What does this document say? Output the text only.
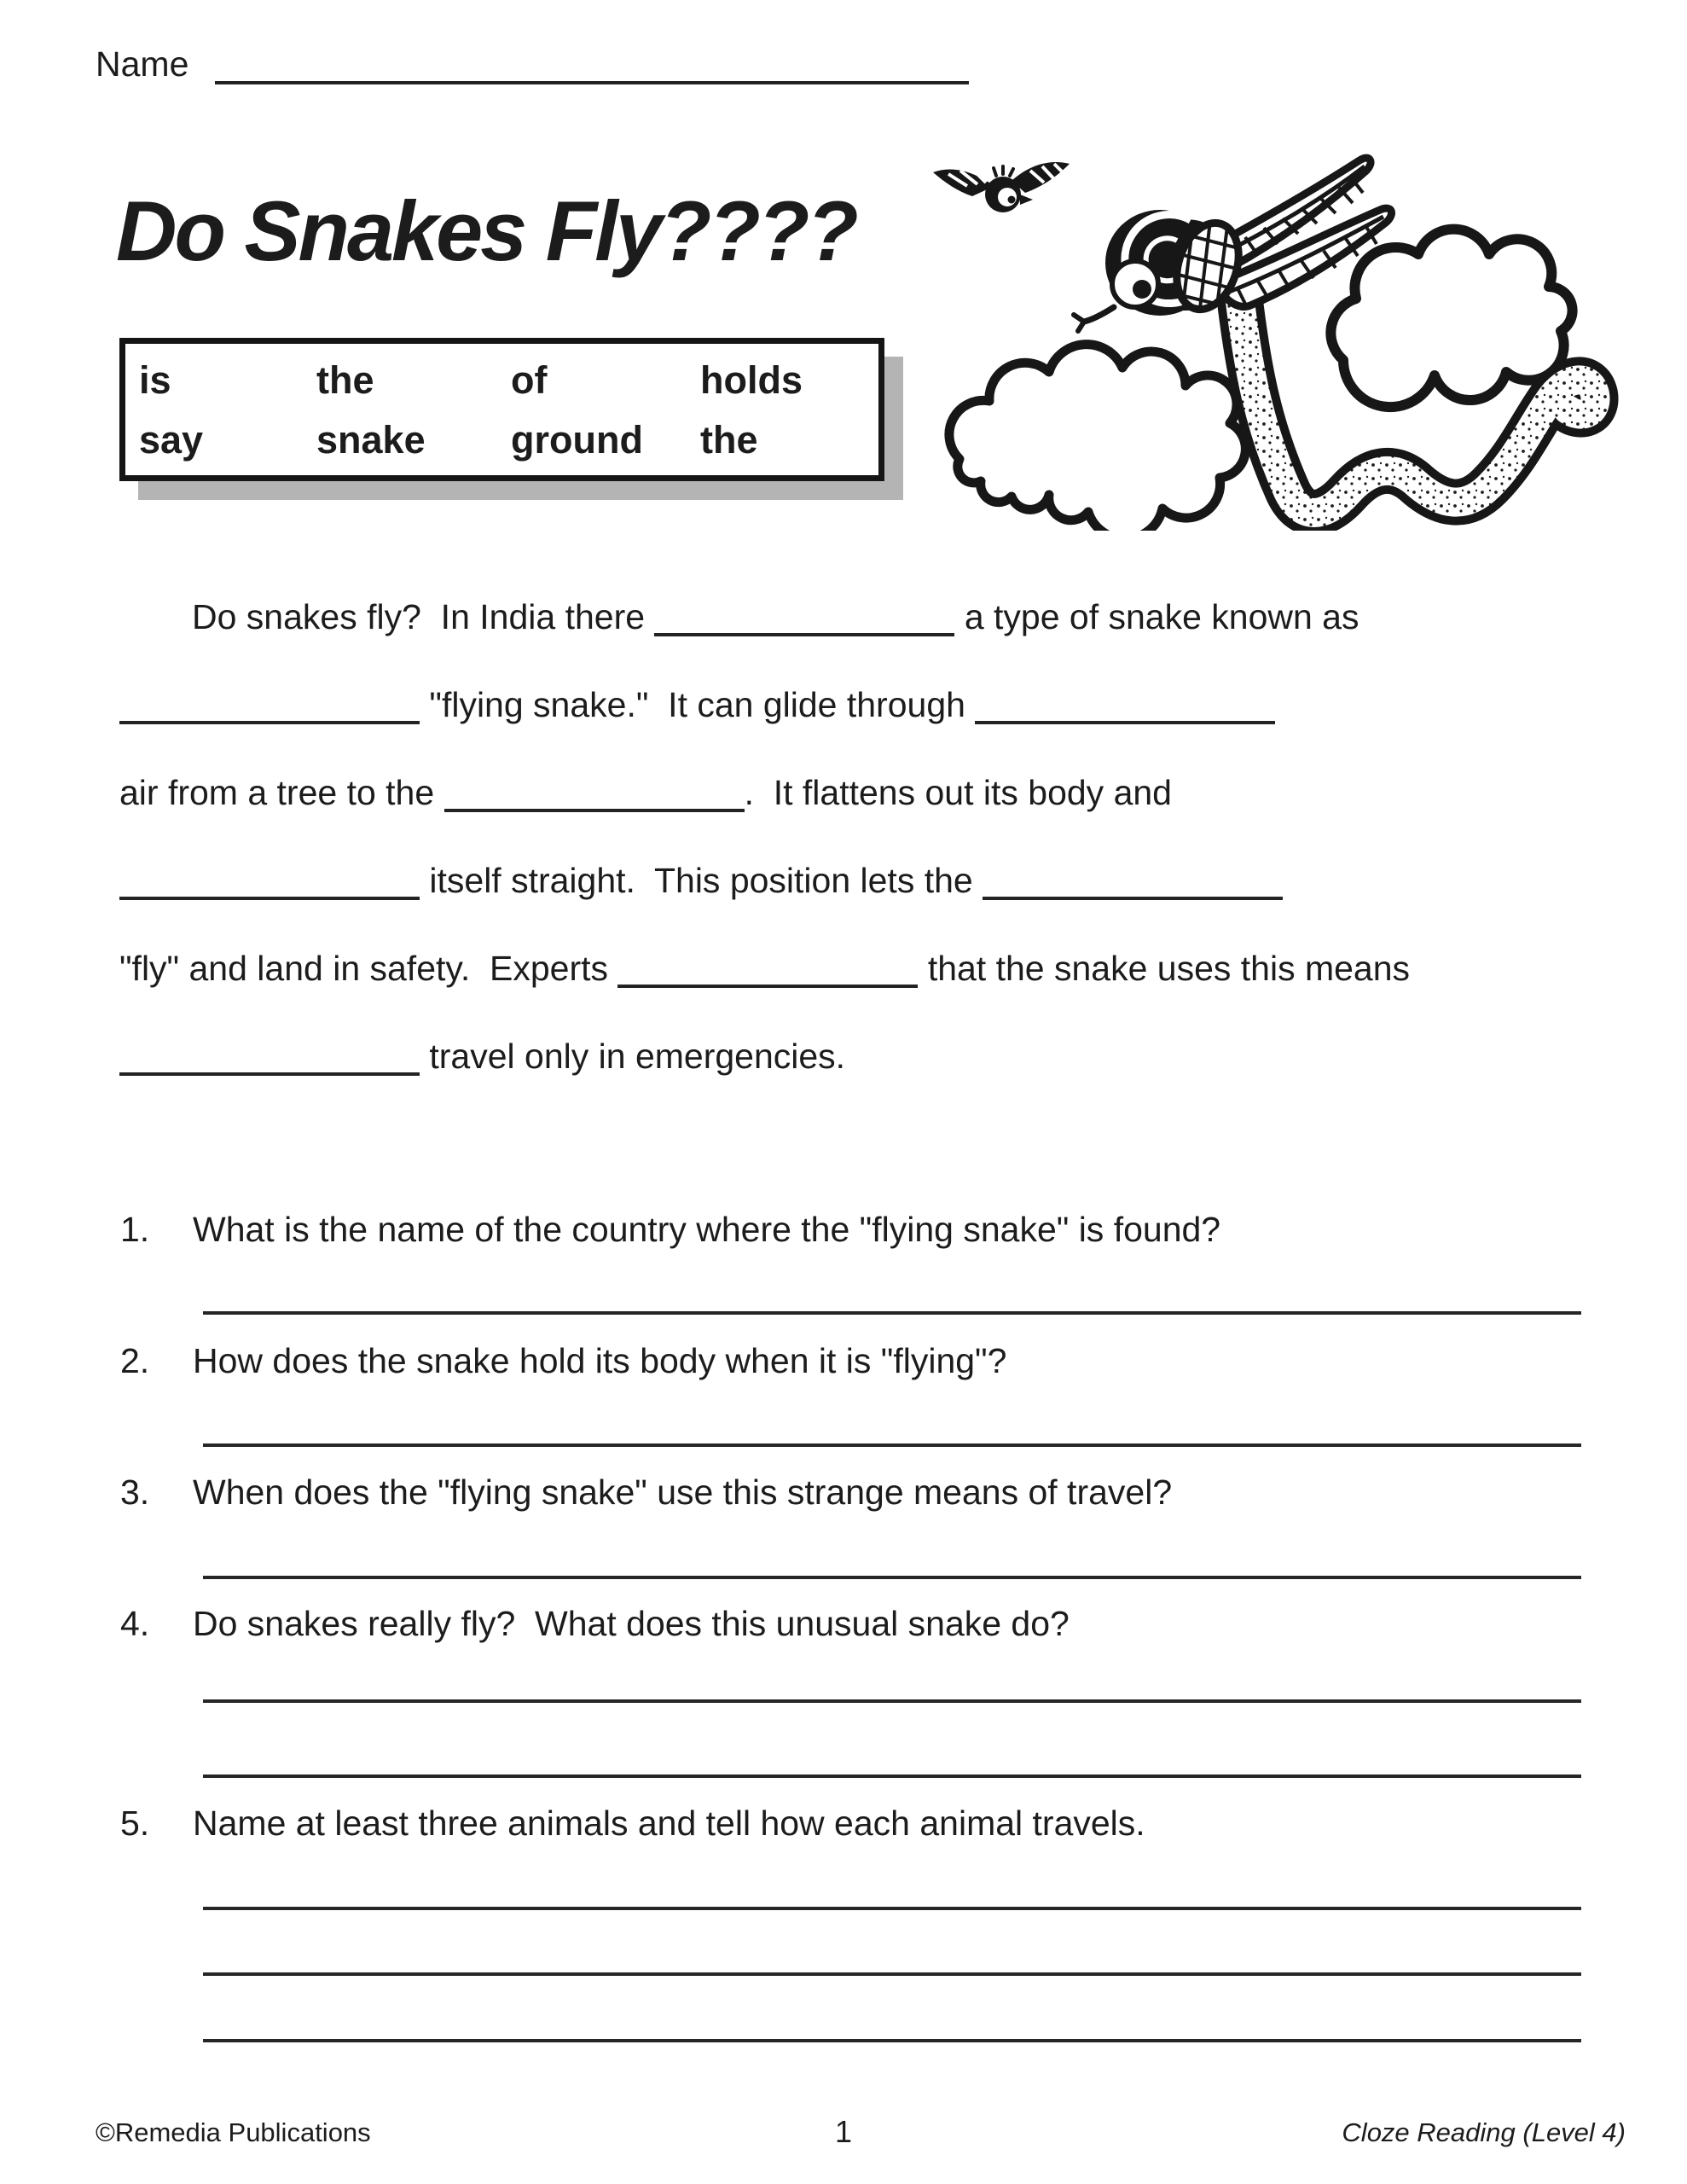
Name
Do Snakes Fly????
is	the	of	holds
say	snake	ground	the
Do snakes fly?  In India there	a type of snake known as
"flying snake."  It can glide through
air from a tree to the	.  It flattens out its body and
itself straight.  This position lets the
"fly" and land in safety.  Experts	that the snake uses this means
travel only in emergencies.
1. What is the name of the country where the "flying snake" is found?
2. How does the snake hold its body when it is "flying"?
3. When does the "flying snake" use this strange means of travel?
4. Do snakes really fly?  What does this unusual snake do?
5. Name at least three animals and tell how each animal travels.
©Remedia Publications	1	Cloze Reading (Level 4)
